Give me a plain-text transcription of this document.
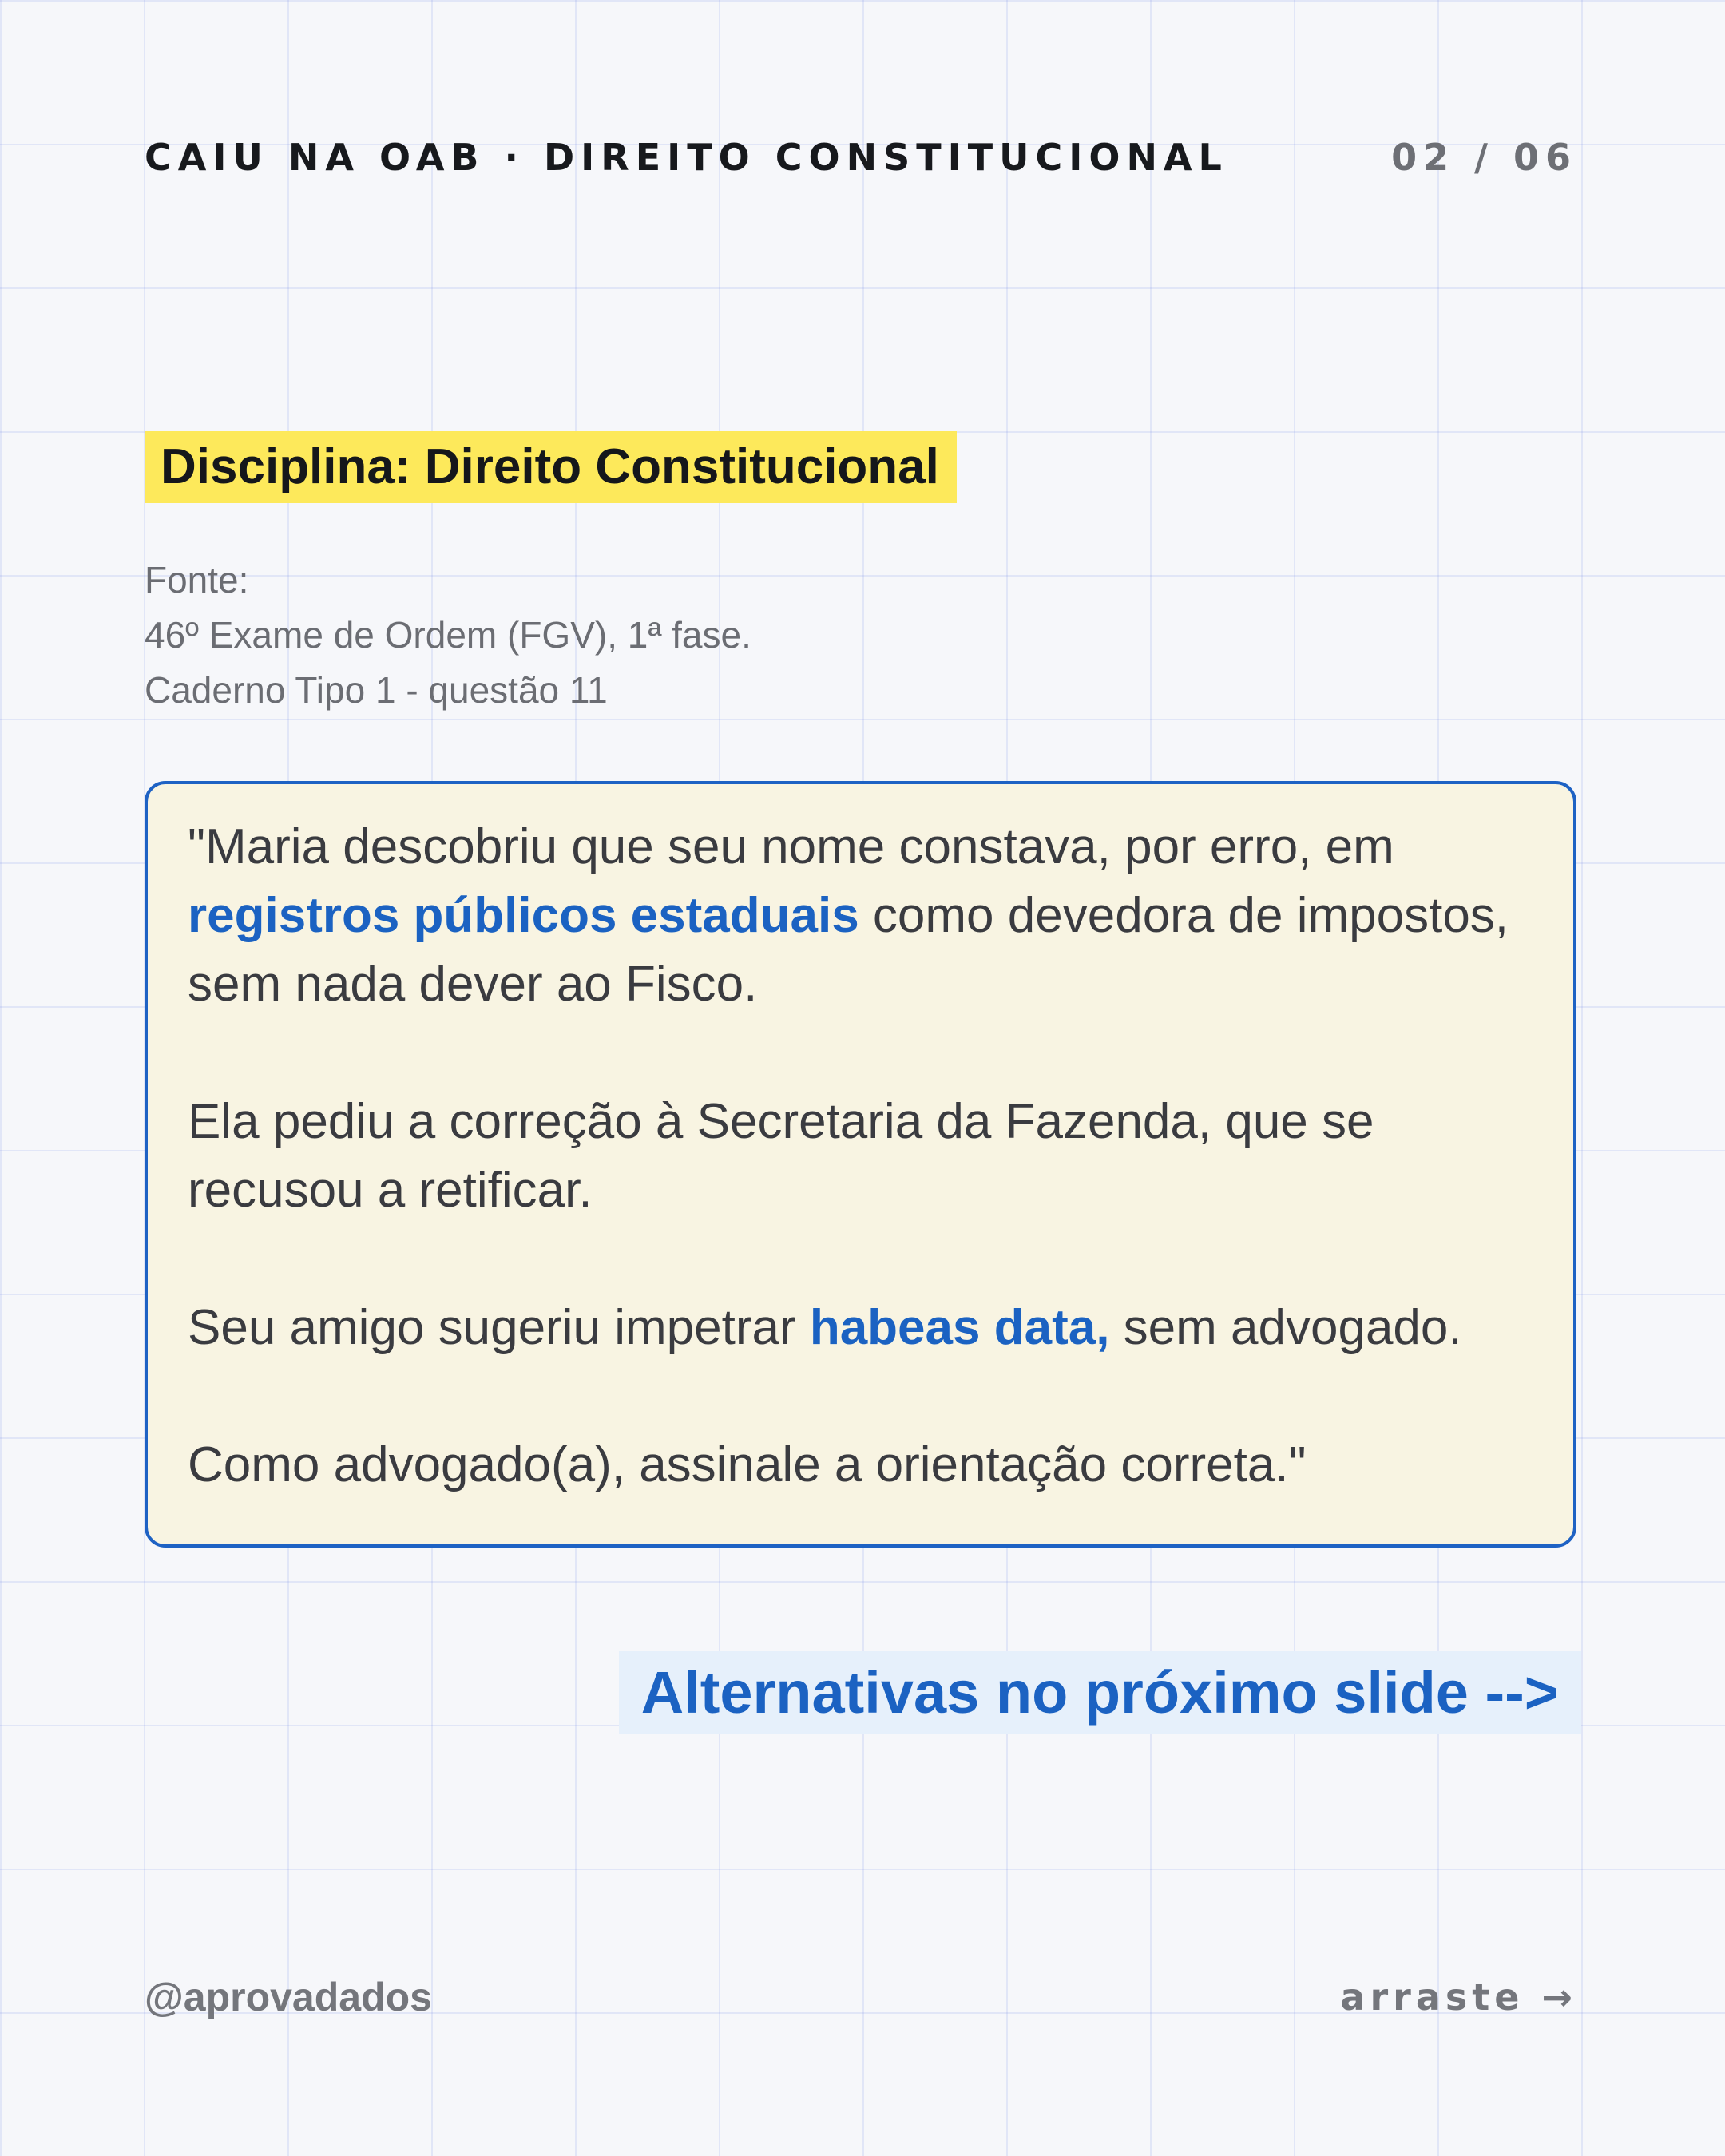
CAIU NA OAB · DIREITO CONSTITUCIONAL	02 / 06
Disciplina: Direito Constitucional
Fonte:
46º Exame de Ordem (FGV), 1ª fase.
Caderno Tipo 1 - questão 11

"Maria descobriu que seu nome constava, por erro, em registros públicos estaduais como devedora de impostos, sem nada dever ao Fisco.

Ela pediu a correção à Secretaria da Fazenda, que se recusou a retificar.

Seu amigo sugeriu impetrar habeas data, sem advogado.

Como advogado(a), assinale a orientação correta."

Alternativas no próximo slide -->
@aprovadados	arraste →
